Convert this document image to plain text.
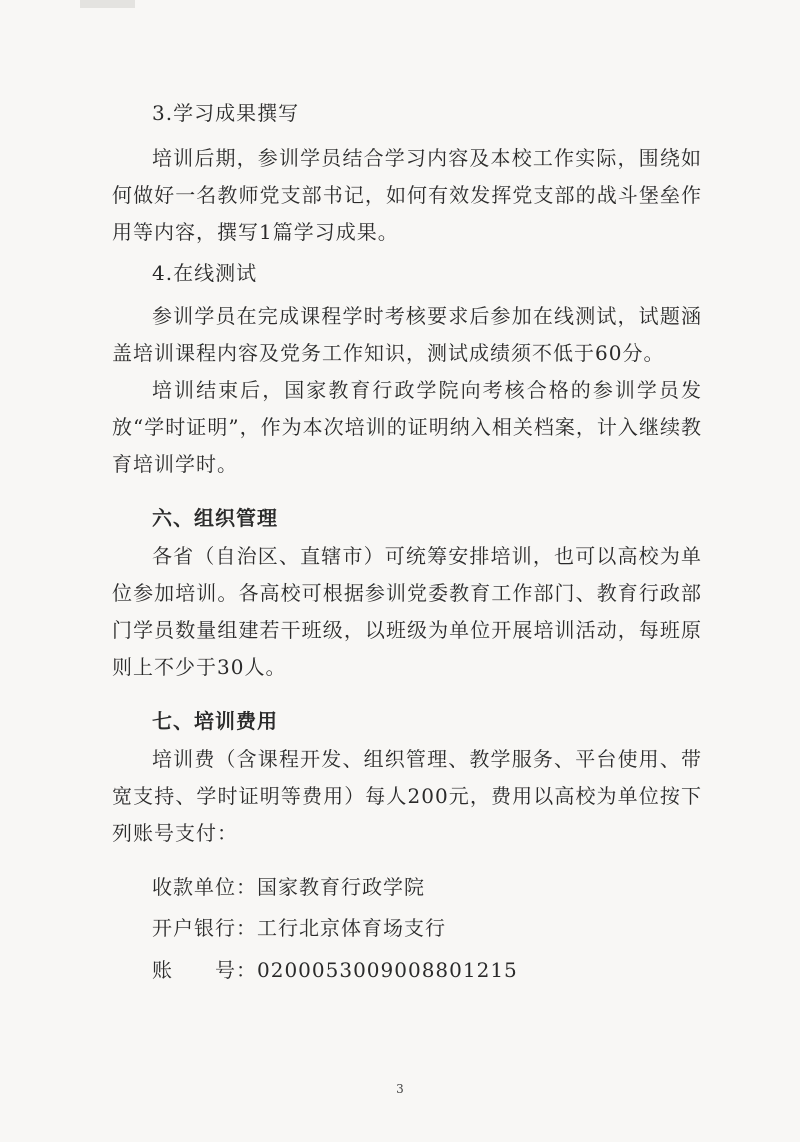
3.学习成果撰写

培训后期，参训学员结合学习内容及本校工作实际，围绕如何做好一名教师党支部书记，如何有效发挥党支部的战斗堡垒作用等内容，撰写1篇学习成果。

4.在线测试

参训学员在完成课程学时考核要求后参加在线测试，试题涵盖培训课程内容及党务工作知识，测试成绩须不低于60分。

培训结束后，国家教育行政学院向考核合格的参训学员发放“学时证明”，作为本次培训的证明纳入相关档案，计入继续教育培训学时。

六、组织管理

各省（自治区、直辖市）可统筹安排培训，也可以高校为单位参加培训。各高校可根据参训党委教育工作部门、教育行政部门学员数量组建若干班级，以班级为单位开展培训活动，每班原则上不少于30人。

七、培训费用

培训费（含课程开发、组织管理、教学服务、平台使用、带宽支持、学时证明等费用）每人200元，费用以高校为单位按下列账号支付：

收款单位：国家教育行政学院

开户银行：工行北京体育场支行

账　　号：0200053009008801215

3
